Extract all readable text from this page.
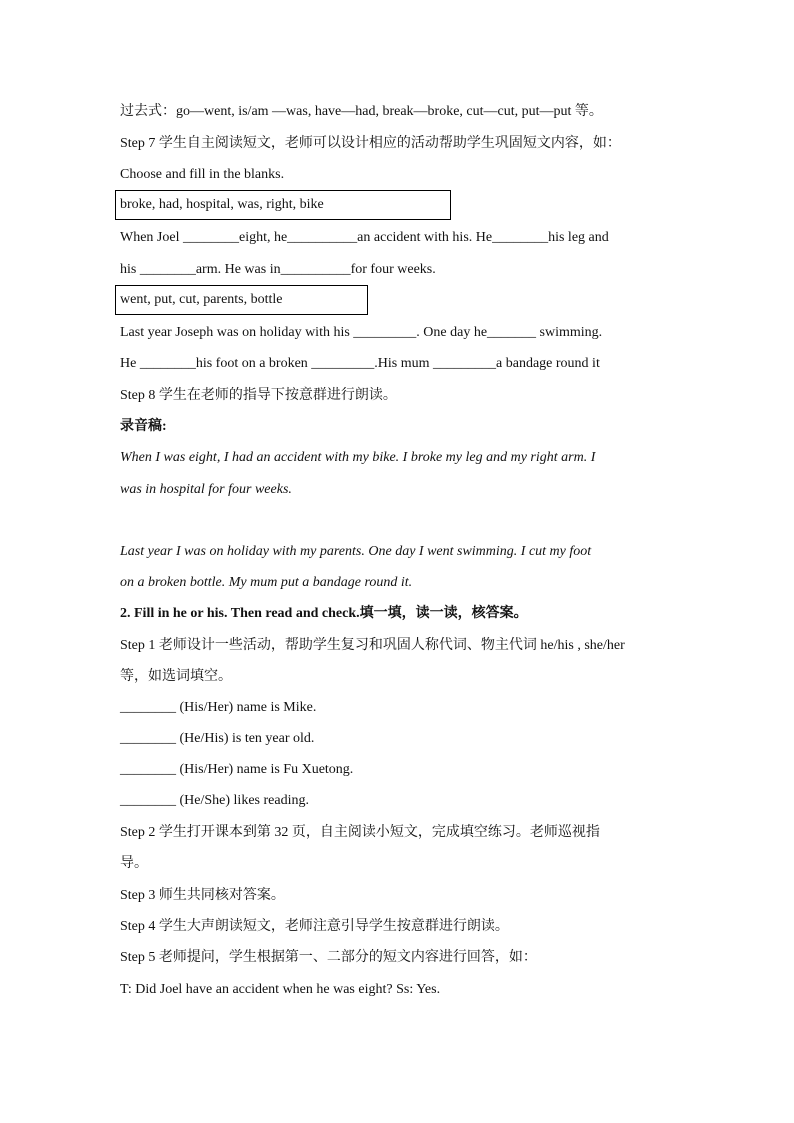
过去式：go—went, is/am —was, have—had, break—broke, cut—cut, put—put 等。
Step 7 学生自主阅读短文，老师可以设计相应的活动帮助学生巩固短文内容，如：
Choose and fill in the blanks.
broke, had, hospital, was, right, bike
When Joel ________eight, he__________an accident with his. He________his leg and
his ________arm. He was in__________for four weeks.
went, put, cut, parents, bottle
Last year Joseph was on holiday with his _________. One day he_______ swimming.
He ________his foot on a broken _________.His mum _________a bandage round it
Step 8 学生在老师的指导下按意群进行朗读。
录音稿:
When I was eight, I had an accident with my bike. I broke my leg and my right arm. I
was in hospital for four weeks.
Last year I was on holiday with my parents. One day I went swimming. I cut my foot
on a broken bottle. My mum put a bandage round it.
2. Fill in he or his. Then read and check.填一填，读一读，核答案。
Step 1 老师设计一些活动，帮助学生复习和巩固人称代词、物主代词 he/his , she/her
等，如选词填空。
________ (His/Her) name is Mike.
________ (He/His) is ten year old.
________ (His/Her) name is Fu Xuetong.
________ (He/She) likes reading.
Step 2 学生打开课本到第 32 页，自主阅读小短文，完成填空练习。老师巡视指
导。
Step 3 师生共同核对答案。
Step 4 学生大声朗读短文，老师注意引导学生按意群进行朗读。
Step 5 老师提问，学生根据第一、二部分的短文内容进行回答，如：
T: Did Joel have an accident when he was eight? Ss: Yes.
